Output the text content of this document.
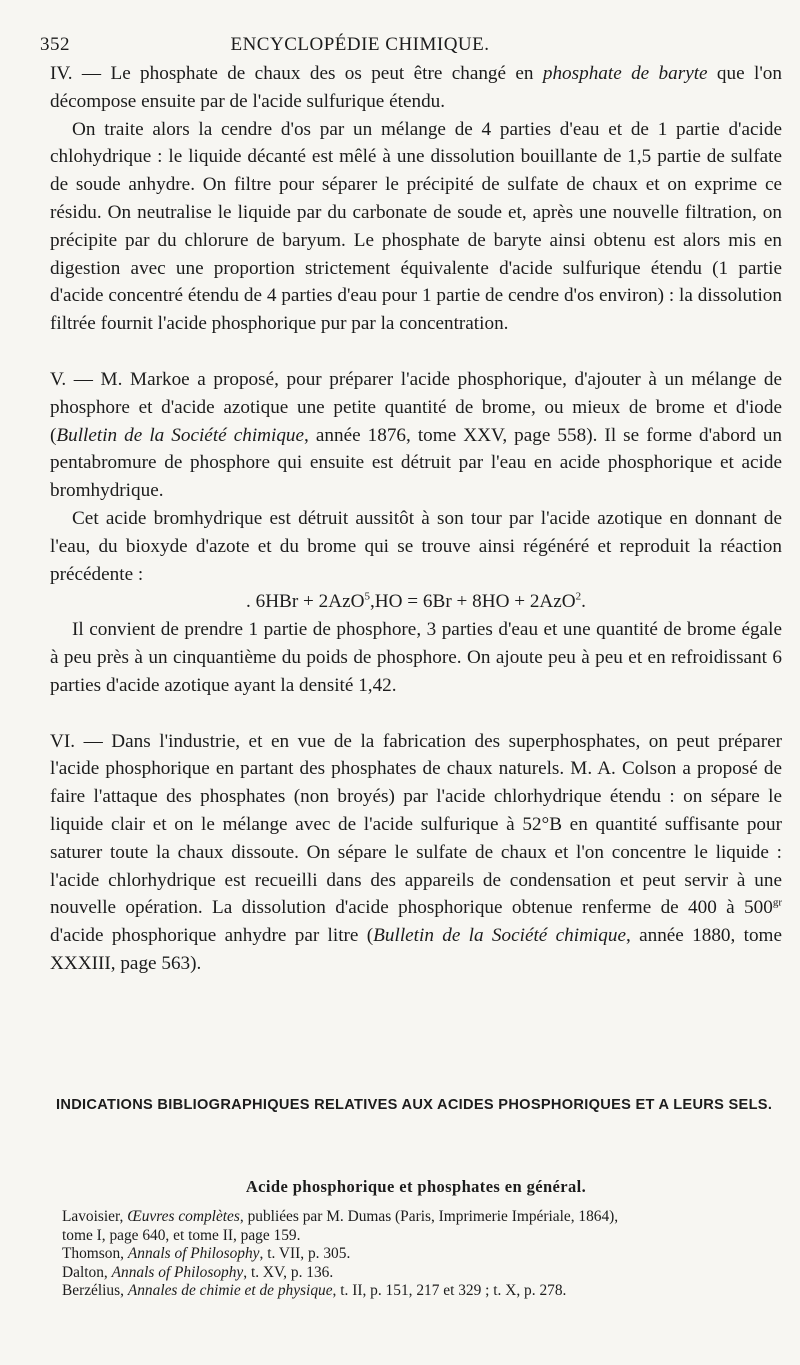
352	ENCYCLOPÉDIE CHIMIQUE.

IV. — Le phosphate de chaux des os peut être changé en phosphate de baryte que l'on décompose ensuite par de l'acide sulfurique étendu.

On traite alors la cendre d'os par un mélange de 4 parties d'eau et de 1 partie d'acide chlohydrique : le liquide décanté est mêlé à une dissolution bouillante de 1,5 partie de sulfate de soude anhydre. On filtre pour séparer le précipité de sulfate de chaux et on exprime ce résidu. On neutralise le liquide par du carbonate de soude et, après une nouvelle filtration, on précipite par du chlorure de baryum. Le phosphate de baryte ainsi obtenu est alors mis en digestion avec une proportion strictement équivalente d'acide sulfurique étendu (1 partie d'acide concentré étendu de 4 parties d'eau pour 1 partie de cendre d'os environ) : la dissolution filtrée fournit l'acide phosphorique pur par la concentration.

V. — M. Markoe a proposé, pour préparer l'acide phosphorique, d'ajouter à un mélange de phosphore et d'acide azotique une petite quantité de brome, ou mieux de brome et d'iode (Bulletin de la Société chimique, année 1876, tome XXV, page 558). Il se forme d'abord un pentabromure de phosphore qui ensuite est détruit par l'eau en acide phosphorique et acide bromhydrique.

Cet acide bromhydrique est détruit aussitôt à son tour par l'acide azotique en donnant de l'eau, du bioxyde d'azote et du brome qui se trouve ainsi régénéré et reproduit la réaction précédente :

. 6HBr + 2AzO$^5$,HO = 6Br + 8HO + 2AzO$^2$.

Il convient de prendre 1 partie de phosphore, 3 parties d'eau et une quantité de brome égale à peu près à un cinquantième du poids de phosphore. On ajoute peu à peu et en refroidissant 6 parties d'acide azotique ayant la densité 1,42.

VI. — Dans l'industrie, et en vue de la fabrication des superphosphates, on peut préparer l'acide phosphorique en partant des phosphates de chaux naturels. M. A. Colson a proposé de faire l'attaque des phosphates (non broyés) par l'acide chlorhydrique étendu : on sépare le liquide clair et on le mélange avec de l'acide sulfurique à 52°B en quantité suffisante pour saturer toute la chaux dissoute. On sépare le sulfate de chaux et l'on concentre le liquide : l'acide chlorhydrique est recueilli dans des appareils de condensation et peut servir à une nouvelle opération. La dissolution d'acide phosphorique obtenue renferme de 400 à $500^{gr}$ d'acide phosphorique anhydre par litre (Bulletin de la Société chimique, année 1880, tome XXXIII, page 563).

INDICATIONS BIBLIOGRAPHIQUES RELATIVES AUX ACIDES PHOSPHORIQUES ET A LEURS SELS.
Acide phosphorique et phosphates en général.

Lavoisier, Œuvres complètes, publiées par M. Dumas (Paris, Imprimerie Impériale, 1864),
tome I, page 640, et tome II, page 159.

Thomson, Annals of Philosophy, t. VII, p. 305.

Dalton, Annals of Philosophy, t. XV, p. 136.

Berzélius, Annales de chimie et de physique, t. II, p. 151, 217 et 329 ; t. X, p. 278.
